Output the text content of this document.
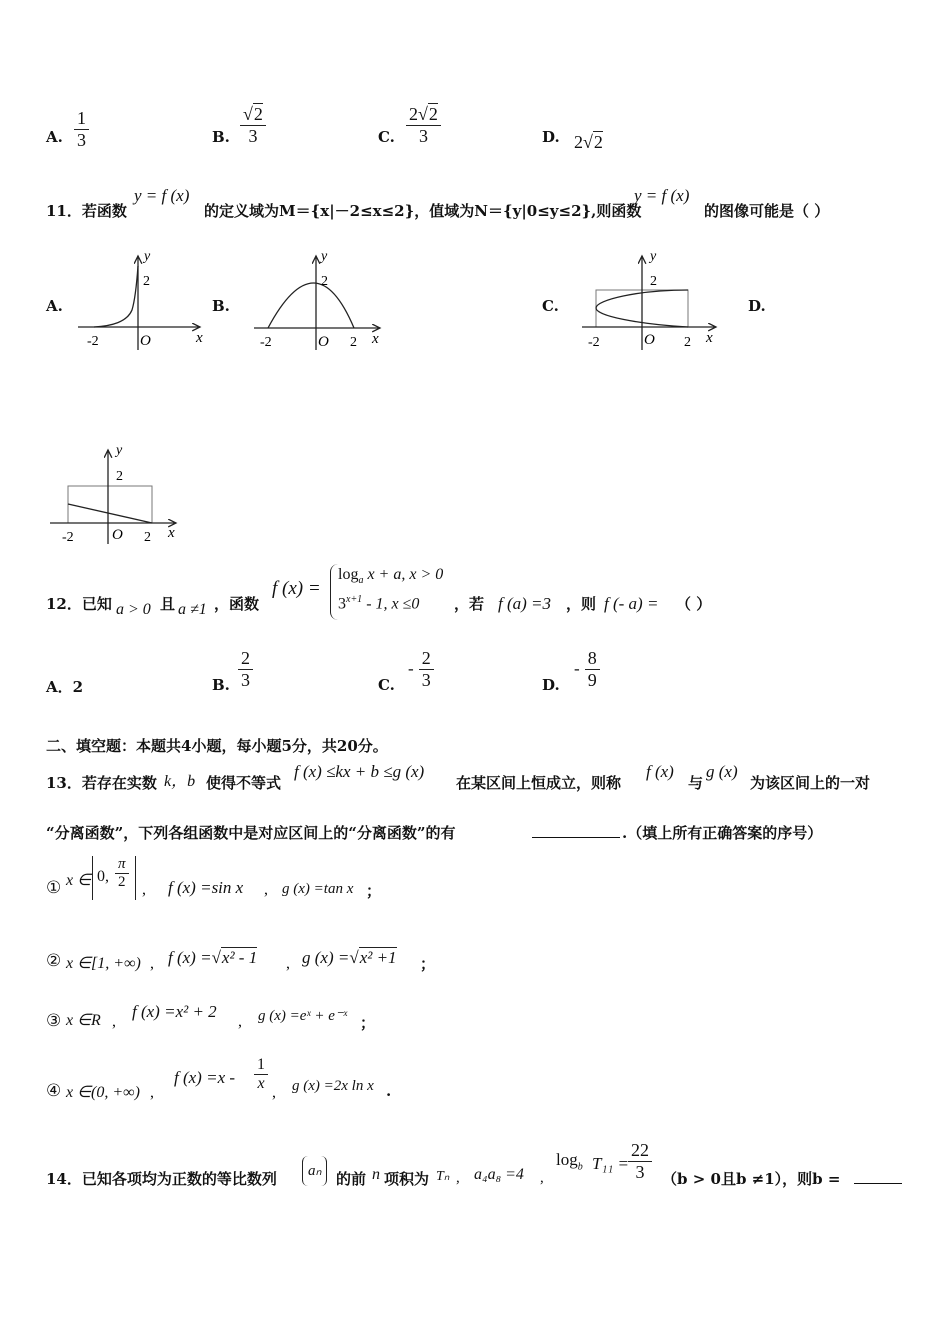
A. $\frac{1}{3}$	B. $\frac{√2}{3}$	C. $\frac{2√2}{3}$	D. 2√2
11．若函数
y = f (x)
的定义域为M＝{x|－2≤x≤2}，值域为N＝{y|0≤y≤2},则函数
y = f (x)
的图像可能是（ ）
A.	B.	C.	D.
y
2
-2	O	x
y
2
-2	O 2 x
y
2
-2	O 2 x
y
2
-2	O 2 x
12．已知 a > 0 且 a ≠1 ，函数
f (x) =
$\log_a x + a$, x > 0
$3^{x+1} - 1$, x ≤0 ，若 f (a) =3 ，则 f (- a) = （ ）
A．2	B. $\frac{2}{3}$	C.
- $\frac{2}{3}$	D.
- $\frac{8}{9}$
二、填空题：本题共4小题，每小题5分，共20分。
13．若存在实数 k，b 使得不等式
f (x) ≤kx + b ≤g (x)
在某区间上恒成立，则称
f (x)
与
g (x)
为该区间上的一对
“分离函数”，下列各组函数中是对应区间上的“分离函数”的有	.（填上所有正确答案的序号）
① x ∈ 0, $\frac{\pi}{2}$ , f (x) =sin x , g (x) =tan x ；
② x ∈[1, +∞) , f (x) =√x² - 1 , g (x) =√x² +1 ；
③ x ∈R ,
f (x) =x² + 2
, g (x) =eˣ + e⁻ˣ ；
④ x ∈(0, +∞) ,
f $(x) =x - \frac{1}{x}$ , g (x) =2x ln x .
14．已知各项均为正数的等比数列	aₙ 的前 n 项积为 Tₙ , a₄a₈ =4 ,
$\log_b T_{11} = \frac{22}{3} (b > 0$且b ≠1），则b =
